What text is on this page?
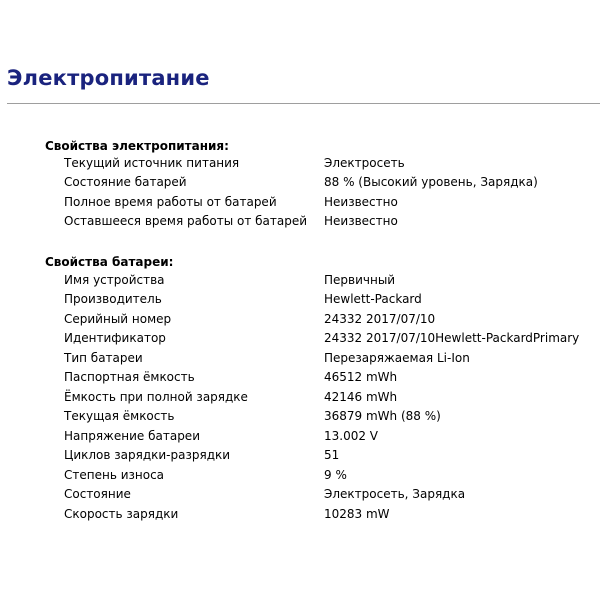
Электропитание
Свойства электропитания:
Текущий источник питания	Электросеть
Состояние батарей	88 % (Высокий уровень, Зарядка)
Полное время работы от батарей	Неизвестно
Оставшееся время работы от батарей Неизвестно
Свойства батареи:
Имя устройства	Первичный
Производитель	Hewlett-Packard
Серийный номер	24332 2017/07/10
Идентификатор	24332 2017/07/10Hewlett-PackardPrimary
Тип батареи	Перезаряжаемая Li-Ion
Паспортная ёмкость	46512 mWh
Ёмкость при полной зарядке	42146 mWh
Текущая ёмкость	36879 mWh (88 %)
Напряжение батареи	13.002 V
Циклов зарядки-разрядки	51
Степень износа	9 %
Состояние	Электросеть, Зарядка
Скорость зарядки	10283 mW
